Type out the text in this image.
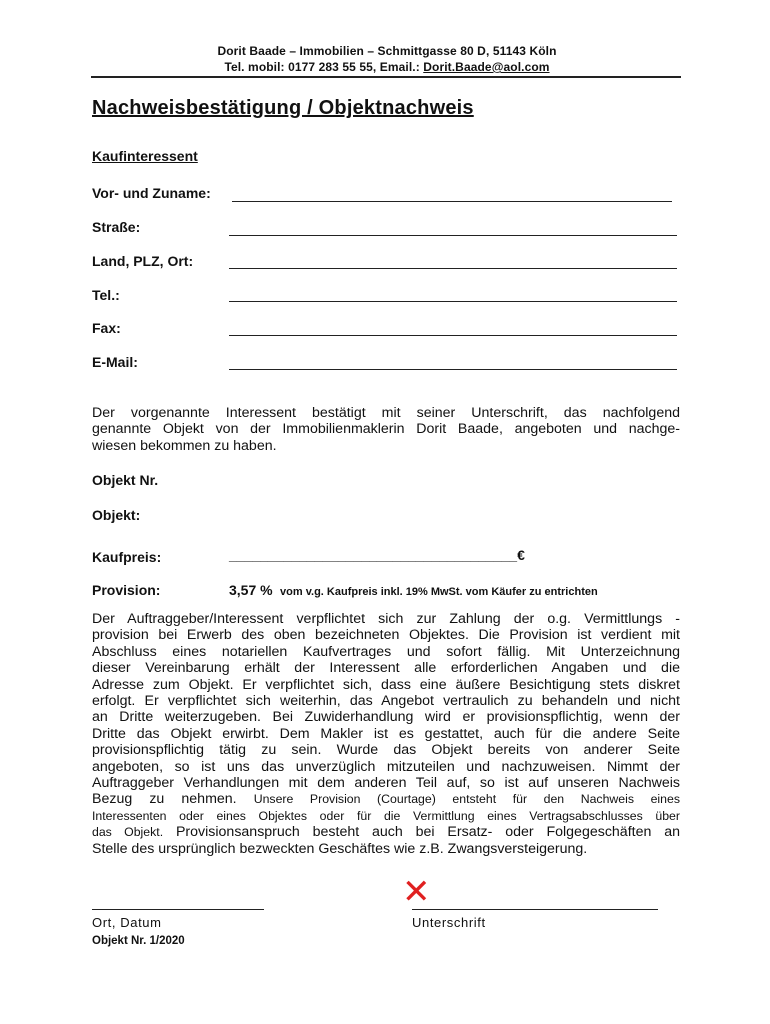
Dorit Baade – Immobilien – Schmittgasse 80 D, 51143 Köln
Tel. mobil: 0177 283 55 55, Email.: Dorit.Baade@aol.com
Nachweisbestätigung / Objektnachweis
Kaufinteressent
Vor- und Zuname:
Straße:
Land, PLZ, Ort:
Tel.:
Fax:
E-Mail:
Der vorgenannte Interessent bestätigt mit seiner Unterschrift, das nachfolgend
genannte Objekt von der Immobilienmaklerin Dorit Baade, angeboten und nachge-
wiesen bekommen zu haben.
Objekt Nr.
Objekt:
Kaufpreis:	_____________________________________€
Provision:	3,57 % vom v.g. Kaufpreis inkl. 19% MwSt. vom Käufer zu entrichten
Der Auftraggeber/Interessent verpflichtet sich zur Zahlung der o.g. Vermittlungs -
provision bei Erwerb des oben bezeichneten Objektes. Die Provision ist verdient mit
Abschluss eines notariellen Kaufvertrages und sofort fällig. Mit Unterzeichnung
dieser Vereinbarung erhält der Interessent alle erforderlichen Angaben und die
Adresse zum Objekt. Er verpflichtet sich, dass eine äußere Besichtigung stets diskret
erfolgt. Er verpflichtet sich weiterhin, das Angebot vertraulich zu behandeln und nicht
an Dritte weiterzugeben. Bei Zuwiderhandlung wird er provisionspflichtig, wenn der
Dritte das Objekt erwirbt. Dem Makler ist es gestattet, auch für die andere Seite
provisionspflichtig tätig zu sein. Wurde das Objekt bereits von anderer Seite
angeboten, so ist uns das unverzüglich mitzuteilen und nachzuweisen. Nimmt der
Auftraggeber Verhandlungen mit dem anderen Teil auf, so ist auf unseren Nachweis
Bezug zu nehmen. Unsere Provision (Courtage) entsteht für den Nachweis eines
Interessenten oder eines Objektes oder für die Vermittlung eines Vertragsabschlusses über
das Objekt. Provisionsanspruch besteht auch bei Ersatz- oder Folgegeschäften an
Stelle des ursprünglich bezweckten Geschäftes wie z.B. Zwangsversteigerung.
Ort, Datum
✕
Unterschrift
Objekt Nr. 1/2020
